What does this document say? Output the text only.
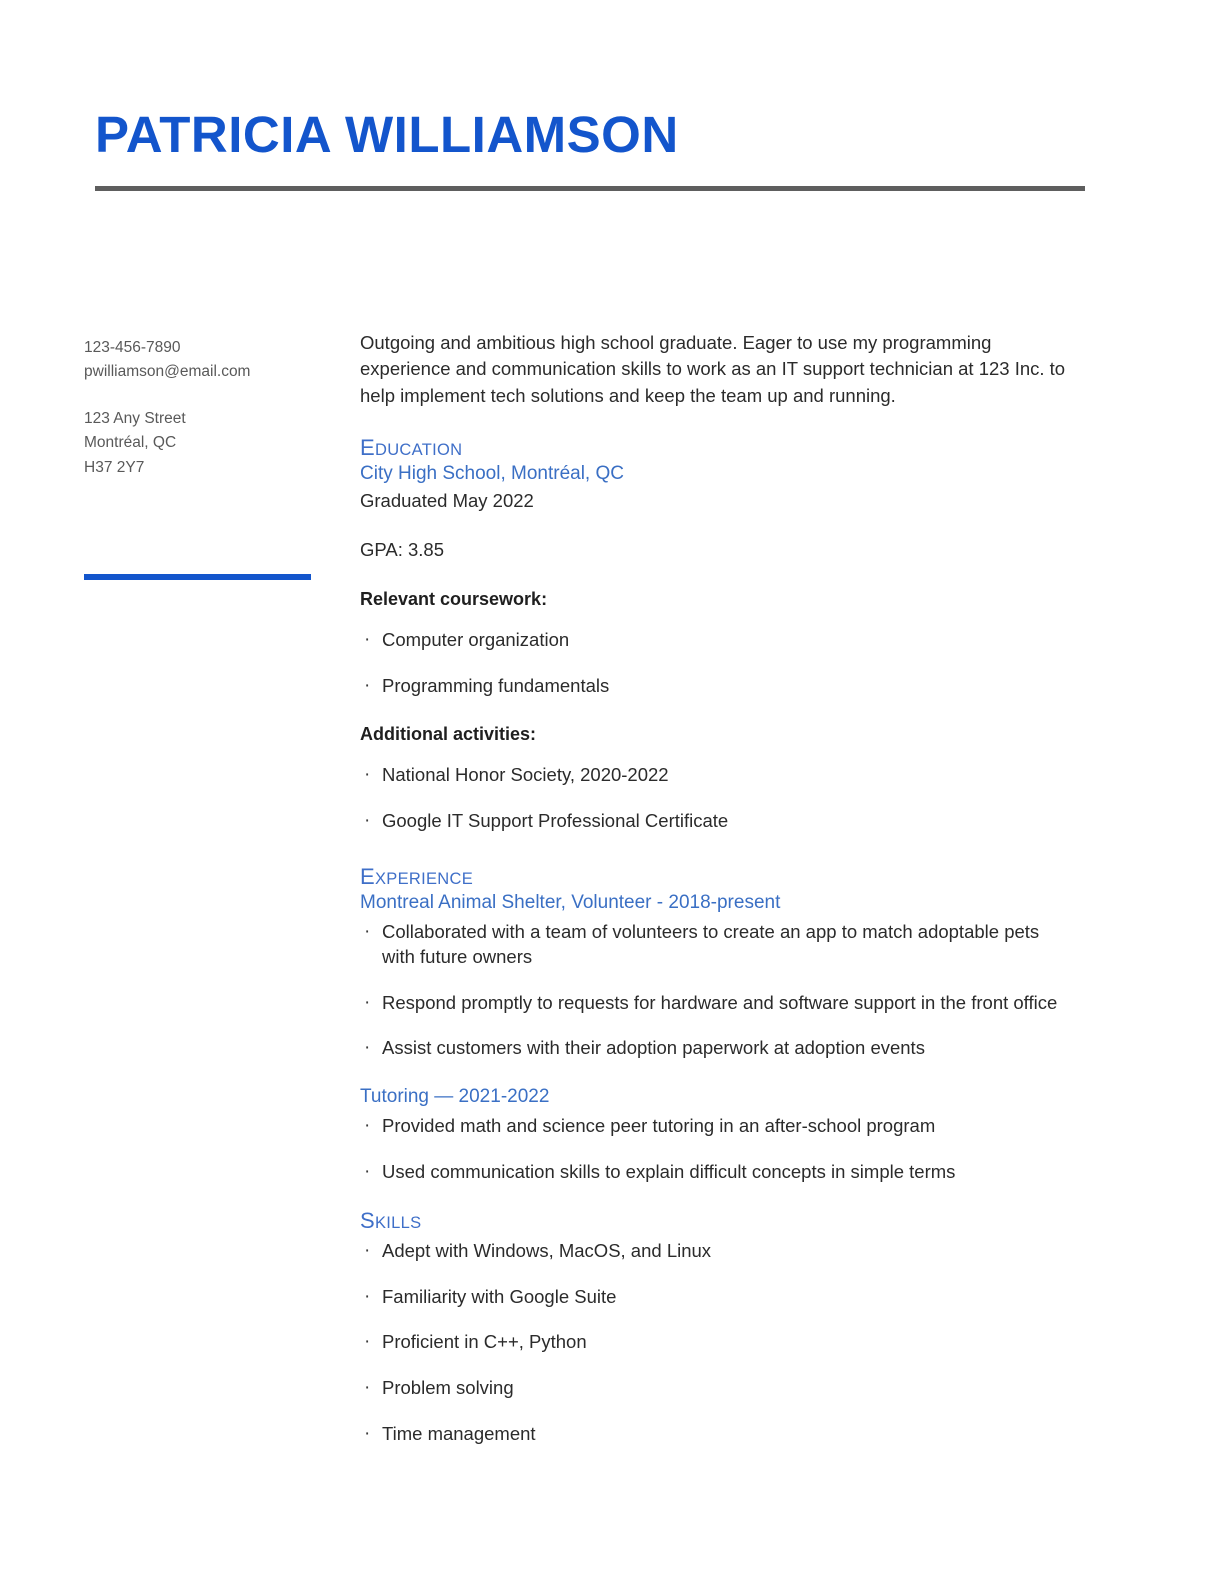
PATRICIA WILLIAMSON
123-456-7890
pwilliamson@email.com
123 Any Street
Montréal, QC
H37 2Y7

Outgoing and ambitious high school graduate. Eager to use my programming experience and communication skills to work as an IT support technician at 123 Inc. to help implement tech solutions and keep the team up and running.

EDUCATION

City High School, Montréal, QC

Graduated May 2022

GPA: 3.85

Relevant coursework:

· Computer organization
· Programming fundamentals

Additional activities:

· National Honor Society, 2020-2022
· Google IT Support Professional Certificate
EXPERIENCE

Montreal Animal Shelter, Volunteer - 2018-present

· Collaborated with a team of volunteers to create an app to match adoptable pets with future owners
· Respond promptly to requests for hardware and software support in the front office
· Assist customers with their adoption paperwork at adoption events

Tutoring — 2021-2022

· Provided math and science peer tutoring in an after-school program
· Used communication skills to explain difficult concepts in simple terms
SKILLS
· Adept with Windows, MacOS, and Linux
· Familiarity with Google Suite
· Proficient in C++, Python
· Problem solving
· Time management
